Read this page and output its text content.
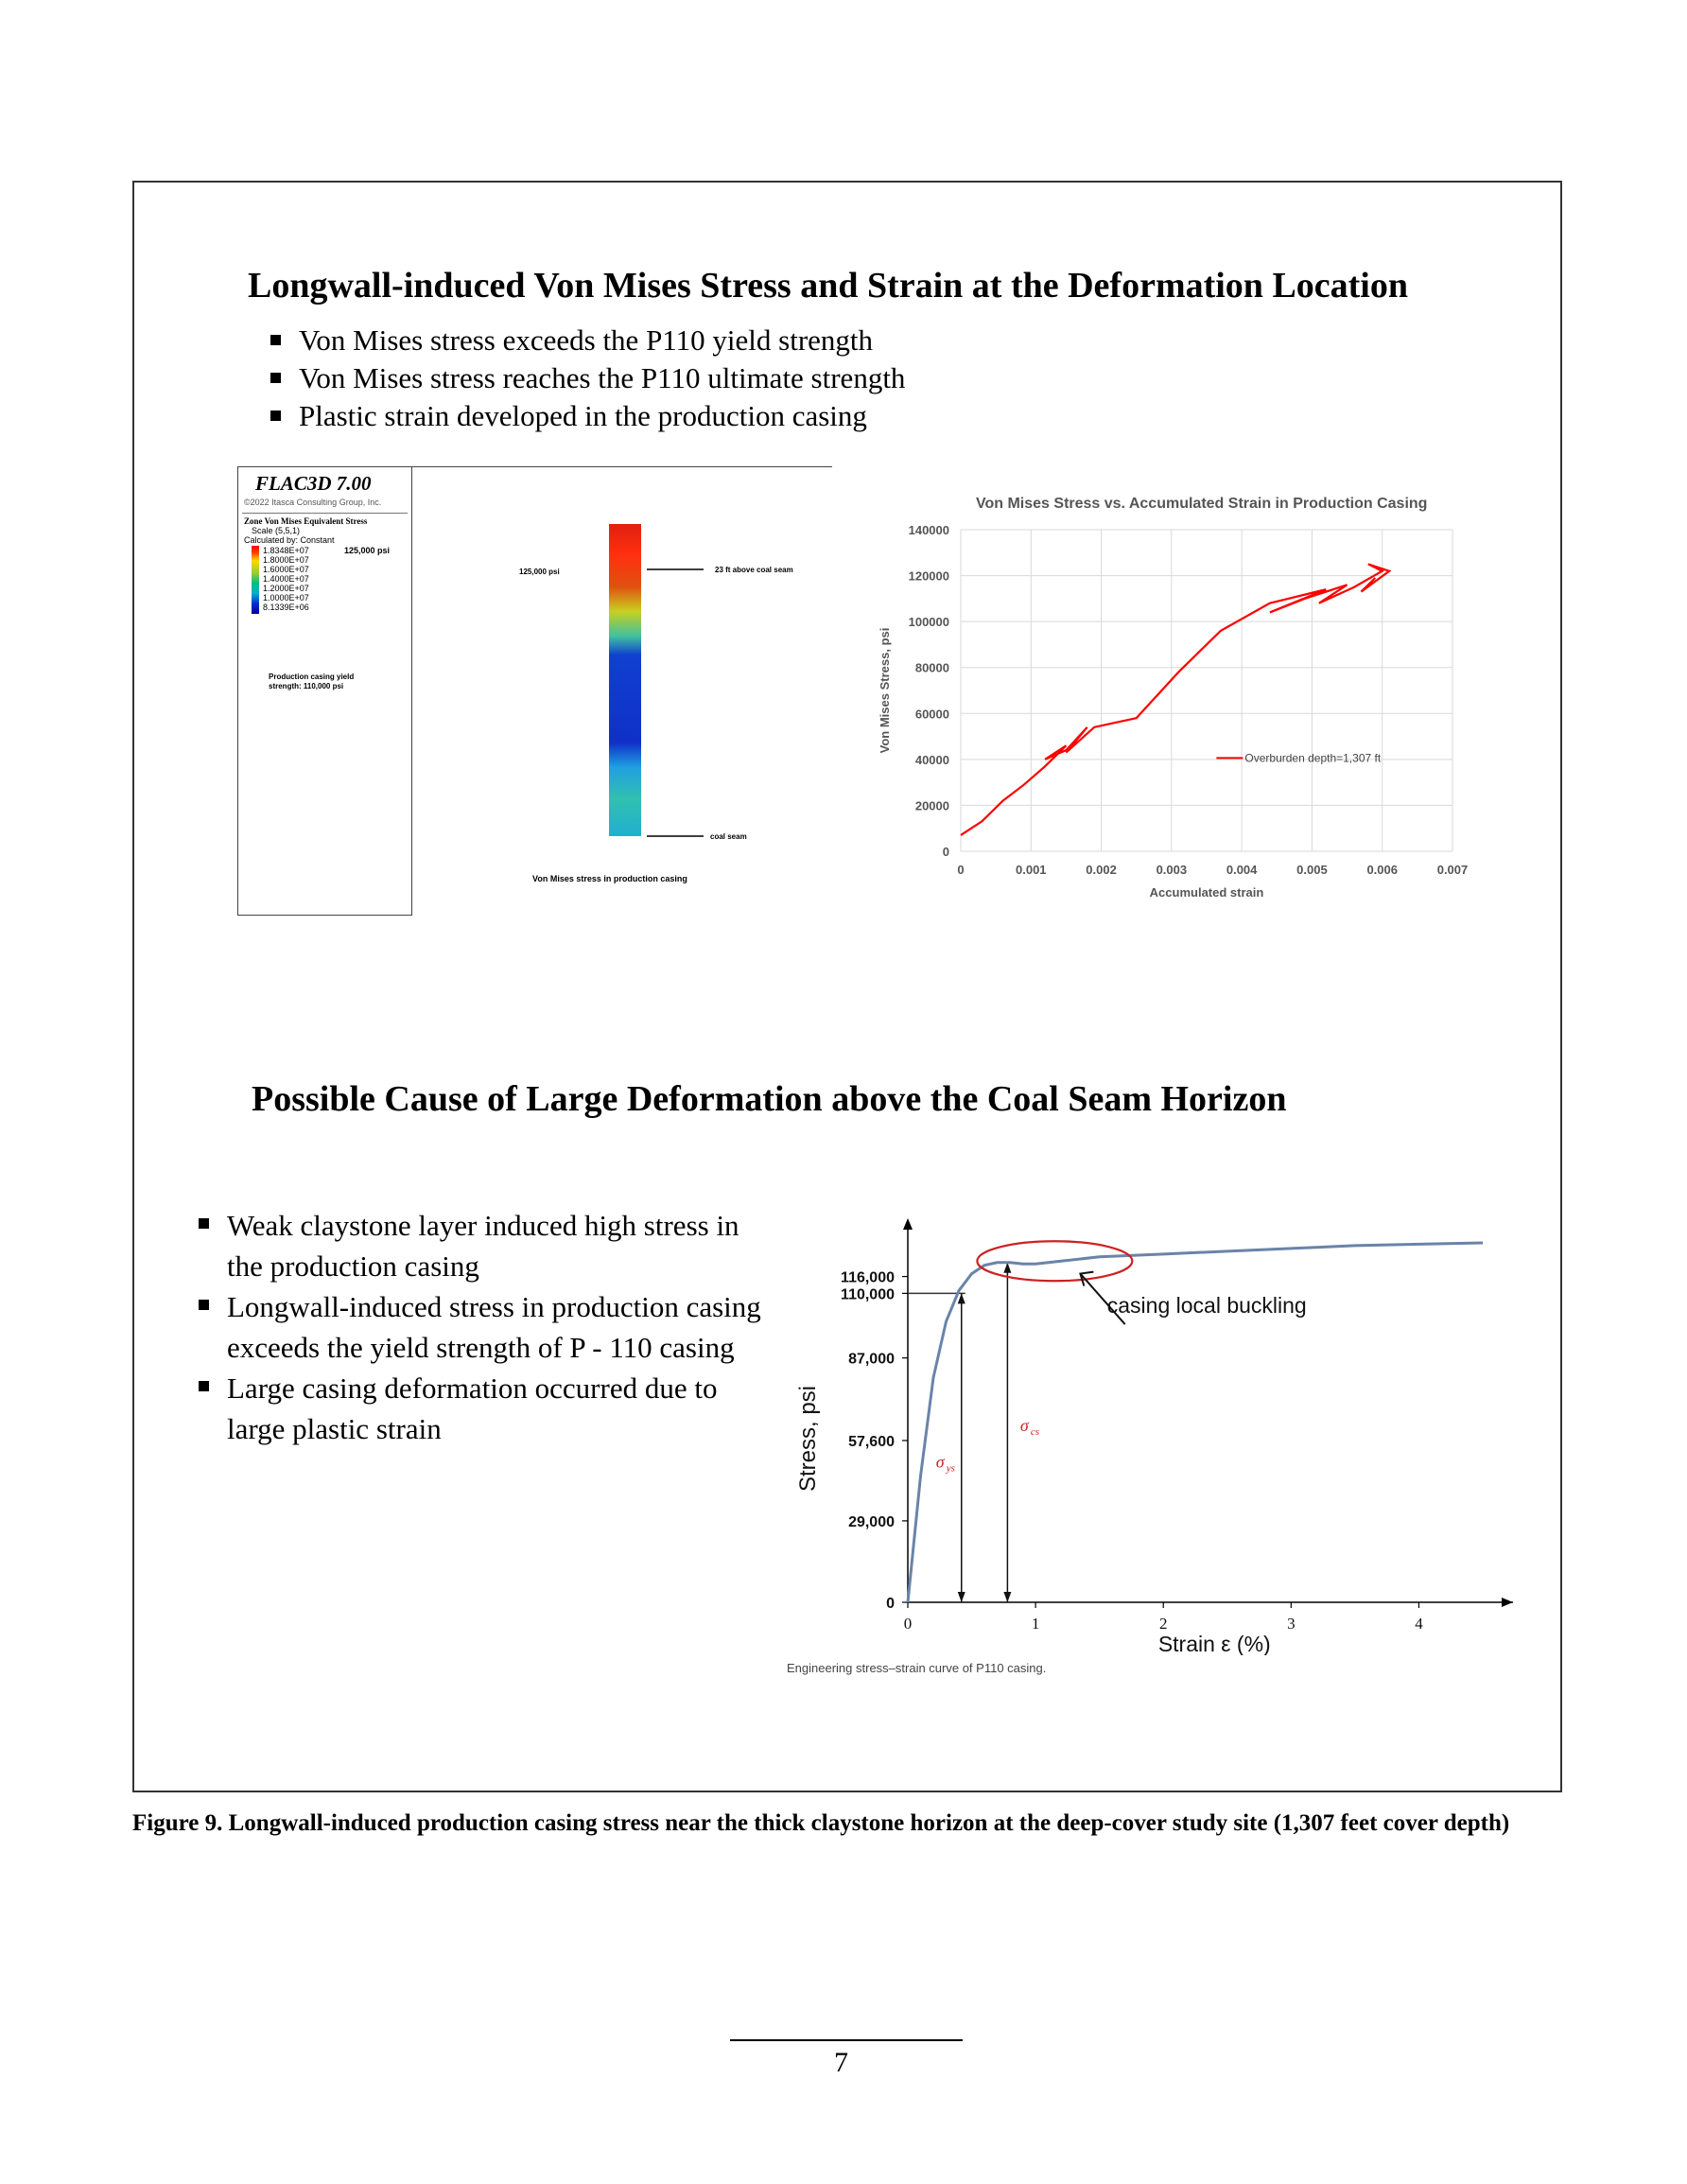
Longwall-induced Von Mises Stress and Strain at the Deformation Location
Von Mises stress exceeds the P110 yield strength
Von Mises stress reaches the P110 ultimate strength
Plastic strain developed in the production casing
FLAC3D 7.00
©2022 Itasca Consulting Group, Inc.
Zone Von Mises Equivalent Stress
Scale (5,5,1)
Calculated by: Constant
1.8348E+07
1.8000E+07
1.6000E+07
1.4000E+07
1.2000E+07
1.0000E+07
8.1339E+06
125,000 psi
Production casing yield strength: 110,000 psi
125,000 psi	23 ft above coal seam
coal seam
Von Mises stress in production casing
Von Mises Stress vs. Accumulated Strain in Production Casing
0
20000
40000
60000
80000
100000
120000
140000
0	0.001	0.002	0.003	0.004	0.005	0.006	0.007
Accumulated strain
Von Mises Stress, psi
Overburden depth=1,307 ft
Possible Cause of Large Deformation above the Coal Seam Horizon
Weak claystone layer induced high stress in the production casing
Longwall-induced stress in production casing exceeds the yield strength of P - 110 casing
Large casing deformation occurred due to large plastic strain
0
29,000
57,600
87,000
110,000
116,000
0	1	2	3	4
Strain ε (%)
Stress, psi
casing local buckling
σ ys
σ cs
Engineering stress–strain curve of P110 casing.
Figure 9. Longwall-induced production casing stress near the thick claystone horizon at the deep-cover study site (1,307 feet cover depth)
7
